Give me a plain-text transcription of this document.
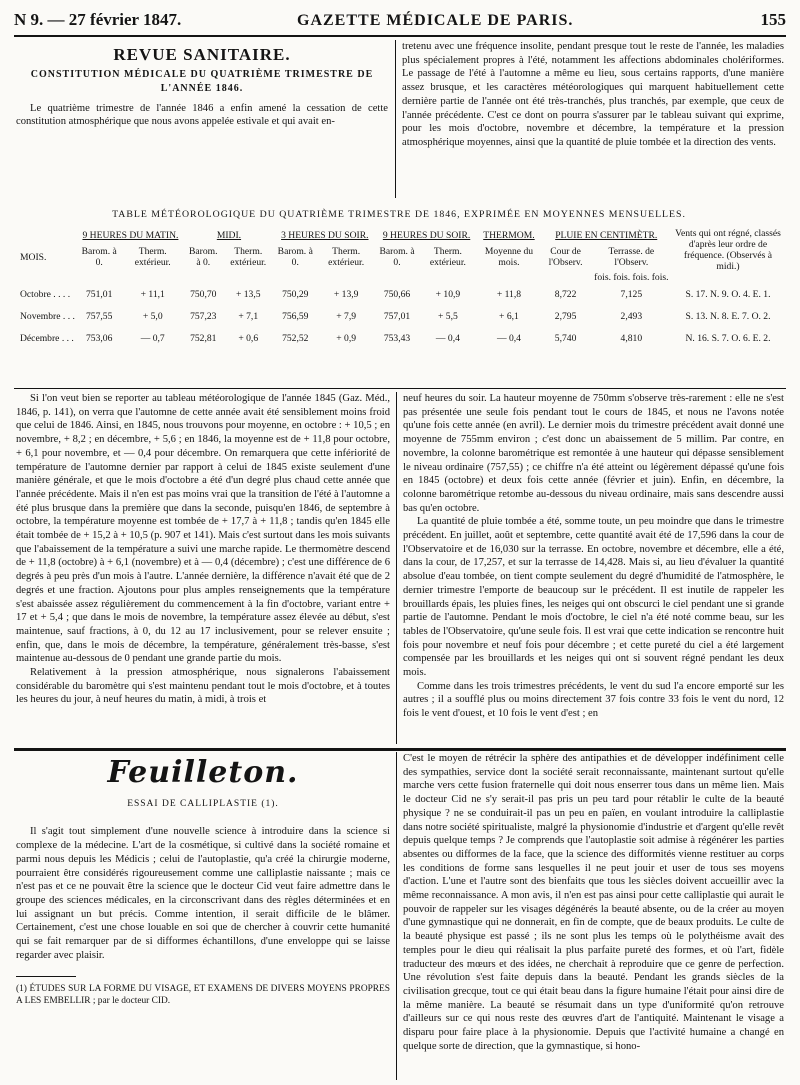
N 9. — 27 février 1847.	GAZETTE MÉDICALE DE PARIS.	155
REVUE SANITAIRE.
CONSTITUTION MÉDICALE DU QUATRIÈME TRIMESTRE DE L'ANNÉE 1846.

Le quatrième trimestre de l'année 1846 a enfin amené la cessation de cette constitution atmosphérique que nous avons appelée estivale et qui avait en-

tretenu avec une fréquence insolite, pendant presque tout le reste de l'année, les maladies plus spécialement propres à l'été, notamment les affections abdominales cholériformes. Le passage de l'été à l'automne a même eu lieu, sous certains rapports, d'une manière assez brusque, et les caractères météorologiques qui marquent habituellement cette dernière partie de l'année ont été très-tranchés, plus tranchés, par exemple, que ceux de l'année précédente. C'est ce dont on pourra s'assurer par le tableau suivant qui exprime, pour les mois d'octobre, novembre et décembre, la température et la pression atmosphérique moyennes, ainsi que la quantité de pluie tombée et la direction des vents.

TABLE MÉTÉOROLOGIQUE DU QUATRIÈME TRIMESTRE DE 1846, EXPRIMÉE EN MOYENNES MENSUELLES.
	9 HEURES DU MATIN.		MIDI.		3 HEURES DU SOIR.		9 HEURES DU SOIR.		THERMOM.	PLUIE EN CENTIMÈTR.		Vents qui ont régné, classés d'après leur ordre de fréquence. (Observés à midi.)
MOIS.	Barom. à 0.	Therm. extérieur.	Barom. à 0.	Therm. extérieur.	Barom. à 0.	Therm. extérieur.	Barom. à 0.	Therm. extérieur.	Moyenne du mois.	Cour de l'Observ.	Terrasse. de l'Observ.	
											fois. fois. fois. fois.	
Octobre . . . .	751,01	+ 11,1	750,70	+ 13,5	750,29	+ 13,9	750,66	+ 10,9	+ 11,8	8,722	7,125	S. 17. N. 9. O. 4. E. 1.
Novembre . . .	757,55	+ 5,0	757,23	+ 7,1	756,59	+ 7,9	757,01	+ 5,5	+ 6,1	2,795	2,493	S. 13. N. 8. E. 7. O. 2.
Décembre . . .	753,06	— 0,7	752,81	+ 0,6	752,52	+ 0,9	753,43	— 0,4	— 0,4	5,740	4,810	N. 16. S. 7. O. 6. E. 2.

Si l'on veut bien se reporter au tableau météorologique de l'année 1845 (Gaz. Méd., 1846, p. 141), on verra que l'automne de cette année avait été sensiblement moins froid que celui de 1846. Ainsi, en 1845, nous trouvons pour moyenne, en octobre : + 10,5 ; en novembre, + 8,2 ; en décembre, + 5,6 ; en 1846, la moyenne est de + 11,8 pour octobre, + 6,1 pour novembre, et — 0,4 pour décembre. On remarquera que cette infériorité de température de l'automne dernier par rapport à celui de 1845 existe seulement d'une manière générale, et que le mois d'octobre a été d'un degré plus chaud cette année que l'année précédente. Mais il n'en est pas moins vrai que la transition de l'été à l'automne a été plus brusque dans la première que dans la seconde, puisqu'en 1846, de septembre à octobre, la température moyenne est tombée de + 17,7 à + 11,8 ; tandis qu'en 1845 elle était tombée de + 15,2 à + 10,5 (p. 907 et 141). Mais c'est surtout dans les mois suivants que l'abaissement de la température a suivi une marche rapide. Le thermomètre descend de + 11,8 (octobre) à + 6,1 (novembre) et à — 0,4 (décembre) ; c'est une différence de 6 degrés à peu près d'un mois à l'autre. L'année dernière, la différence n'avait été que de 2 degrés et une fraction. Ajoutons pour plus amples renseignements que la température s'est abaissée assez régulièrement du commencement à la fin d'octobre, variant entre + 17 et + 5,4 ; que dans le mois de novembre, la température assez élevée au début, s'est maintenue, sauf fractions, à 0, du 12 au 17 inclusivement, pour se relever ensuite ; enfin, que, dans le mois de décembre, la température, généralement très-basse, s'est maintenue au-dessous de 0 pendant une grande partie du mois.

Relativement à la pression atmosphérique, nous signalerons l'abaissement considérable du baromètre qui s'est maintenu pendant tout le mois d'octobre, et à toutes les heures du jour, à neuf heures du matin, à midi, à trois et

neuf heures du soir. La hauteur moyenne de 750mm s'observe très-rarement : elle ne s'est pas présentée une seule fois pendant tout le cours de 1845, et nous ne l'avons notée qu'une fois cette année (en avril). Le dernier mois du trimestre précédent avait donné une moyenne de 755mm environ ; c'est donc un abaissement de 5 millim. Par contre, en novembre, la colonne barométrique est remontée à une hauteur qui dépasse sensiblement le niveau ordinaire (757,55) ; ce chiffre n'a été atteint ou légèrement dépassé qu'une fois en 1845 (octobre) et deux fois cette année (février et juin). Enfin, en décembre, la colonne barométrique retombe au-dessous du niveau ordinaire, mais sans descendre aussi bas qu'en octobre.

La quantité de pluie tombée a été, somme toute, un peu moindre que dans le trimestre précédent. En juillet, août et septembre, cette quantité avait été de 17,596 dans la cour de l'Observatoire et de 16,030 sur la terrasse. En octobre, novembre et décembre, elle a été, dans la cour, de 17,257, et sur la terrasse de 14,428. Mais si, au lieu d'évaluer la quantité absolue d'eau tombée, on tient compte seulement du degré d'humidité de l'atmosphère, le dernier trimestre l'emporte de beaucoup sur le précédent. Il est inutile de rappeler les brouillards épais, les pluies fines, les neiges qui ont obscurci le ciel pendant une si grande partie de l'automne. Pendant le mois d'octobre, le ciel n'a été noté comme beau, sur les tables de l'Observatoire, qu'une seule fois. Il est vrai que cette indication se rencontre huit fois pour novembre et neuf fois pour décembre ; et cette pureté du ciel a été largement compensée par les brouillards et les neiges qui ont si souvent régné pendant les deux mois.

Comme dans les trois trimestres précédents, le vent du sud l'a encore emporté sur les autres ; il a soufflé plus ou moins directement 37 fois contre 33 fois le vent du nord, 12 fois le vent d'ouest, et 10 fois le vent d'est ; en

Feuilleton.
ESSAI DE CALLIPLASTIE (1).

Il s'agit tout simplement d'une nouvelle science à introduire dans la science si complexe de la médecine. L'art de la cosmétique, si cultivé dans la société romaine et parmi nous depuis les Médicis ; celui de l'autoplastie, qu'a créé la chirurgie moderne, pourraient être considérés rigoureusement comme une calliplastie naissante ; mais ce n'est pas et ce ne pouvait être la science que le docteur Cid veut faire admettre dans le groupe des sciences médicales, en la circonscrivant dans des règles déterminées et en lui assignant un but précis. Comme intention, il serait difficile de le blâmer. Certainement, c'est une chose louable en soi que de chercher à couvrir cette humanité qui se fait remarquer par de si difformes échantillons, d'une enveloppe qui se laisse regarder avec plaisir.

(1) ÉTUDES SUR LA FORME DU VISAGE, ET EXAMENS DE DIVERS MOYENS PROPRES A LES EMBELLIR ; par le docteur CID.

C'est le moyen de rétrécir la sphère des antipathies et de développer indéfiniment celle des sympathies, service dont la société serait reconnaissante, maintenant surtout qu'elle marche vers cette fusion fraternelle qui doit nous enserrer tous dans un même lien. Mais le docteur Cid ne s'y serait-il pas pris un peu tard pour rétablir le culte de la beauté physique ? ne se conduirait-il pas un peu en païen, en voulant introduire la calliplastie dans notre société spiritualiste, malgré la physionomie d'industrie et d'argent qu'elle revêt depuis quelque temps ? Je comprends que l'autoplastie soit admise à régénérer les parties absentes ou difformes de la face, que la science des difformités vienne restituer au corps les conditions de forme sans lesquelles il ne peut jouir et user de tous ses moyens d'action. L'une et l'autre sont des bienfaits que tous les siècles doivent accueillir avec la même reconnaissance. A mon avis, il n'en est pas ainsi pour cette calliplastie qui aurait le pouvoir de rappeler sur les visages dégénérés la beauté absente, ou de la créer au moyen d'une gymnastique qui ne donnerait, en fin de compte, que de beaux produits. Le culte de la beauté physique est passé ; ils ne sont plus les temps où le polythéisme avait des temples pour le dieu qui réalisait la plus parfaite pureté des formes, et où l'art, fidèle traducteur des mœurs et des idées, ne cherchait à reproduire que ce genre de perfection. Une révolution s'est faite depuis dans la beauté. Pendant les grands siècles de la civilisation grecque, tout ce qui était beau dans la figure humaine l'était pour ainsi dire de la même manière. La beauté se résumait dans un type d'uniformité qu'on retrouve d'ailleurs sur ce qui nous reste des œuvres d'art de l'antiquité. Maintenant le visage a disparu pour faire place à la physionomie. Depuis que l'activité humaine a changé en quelque sorte de direction, que la gymnastique, si hono-
